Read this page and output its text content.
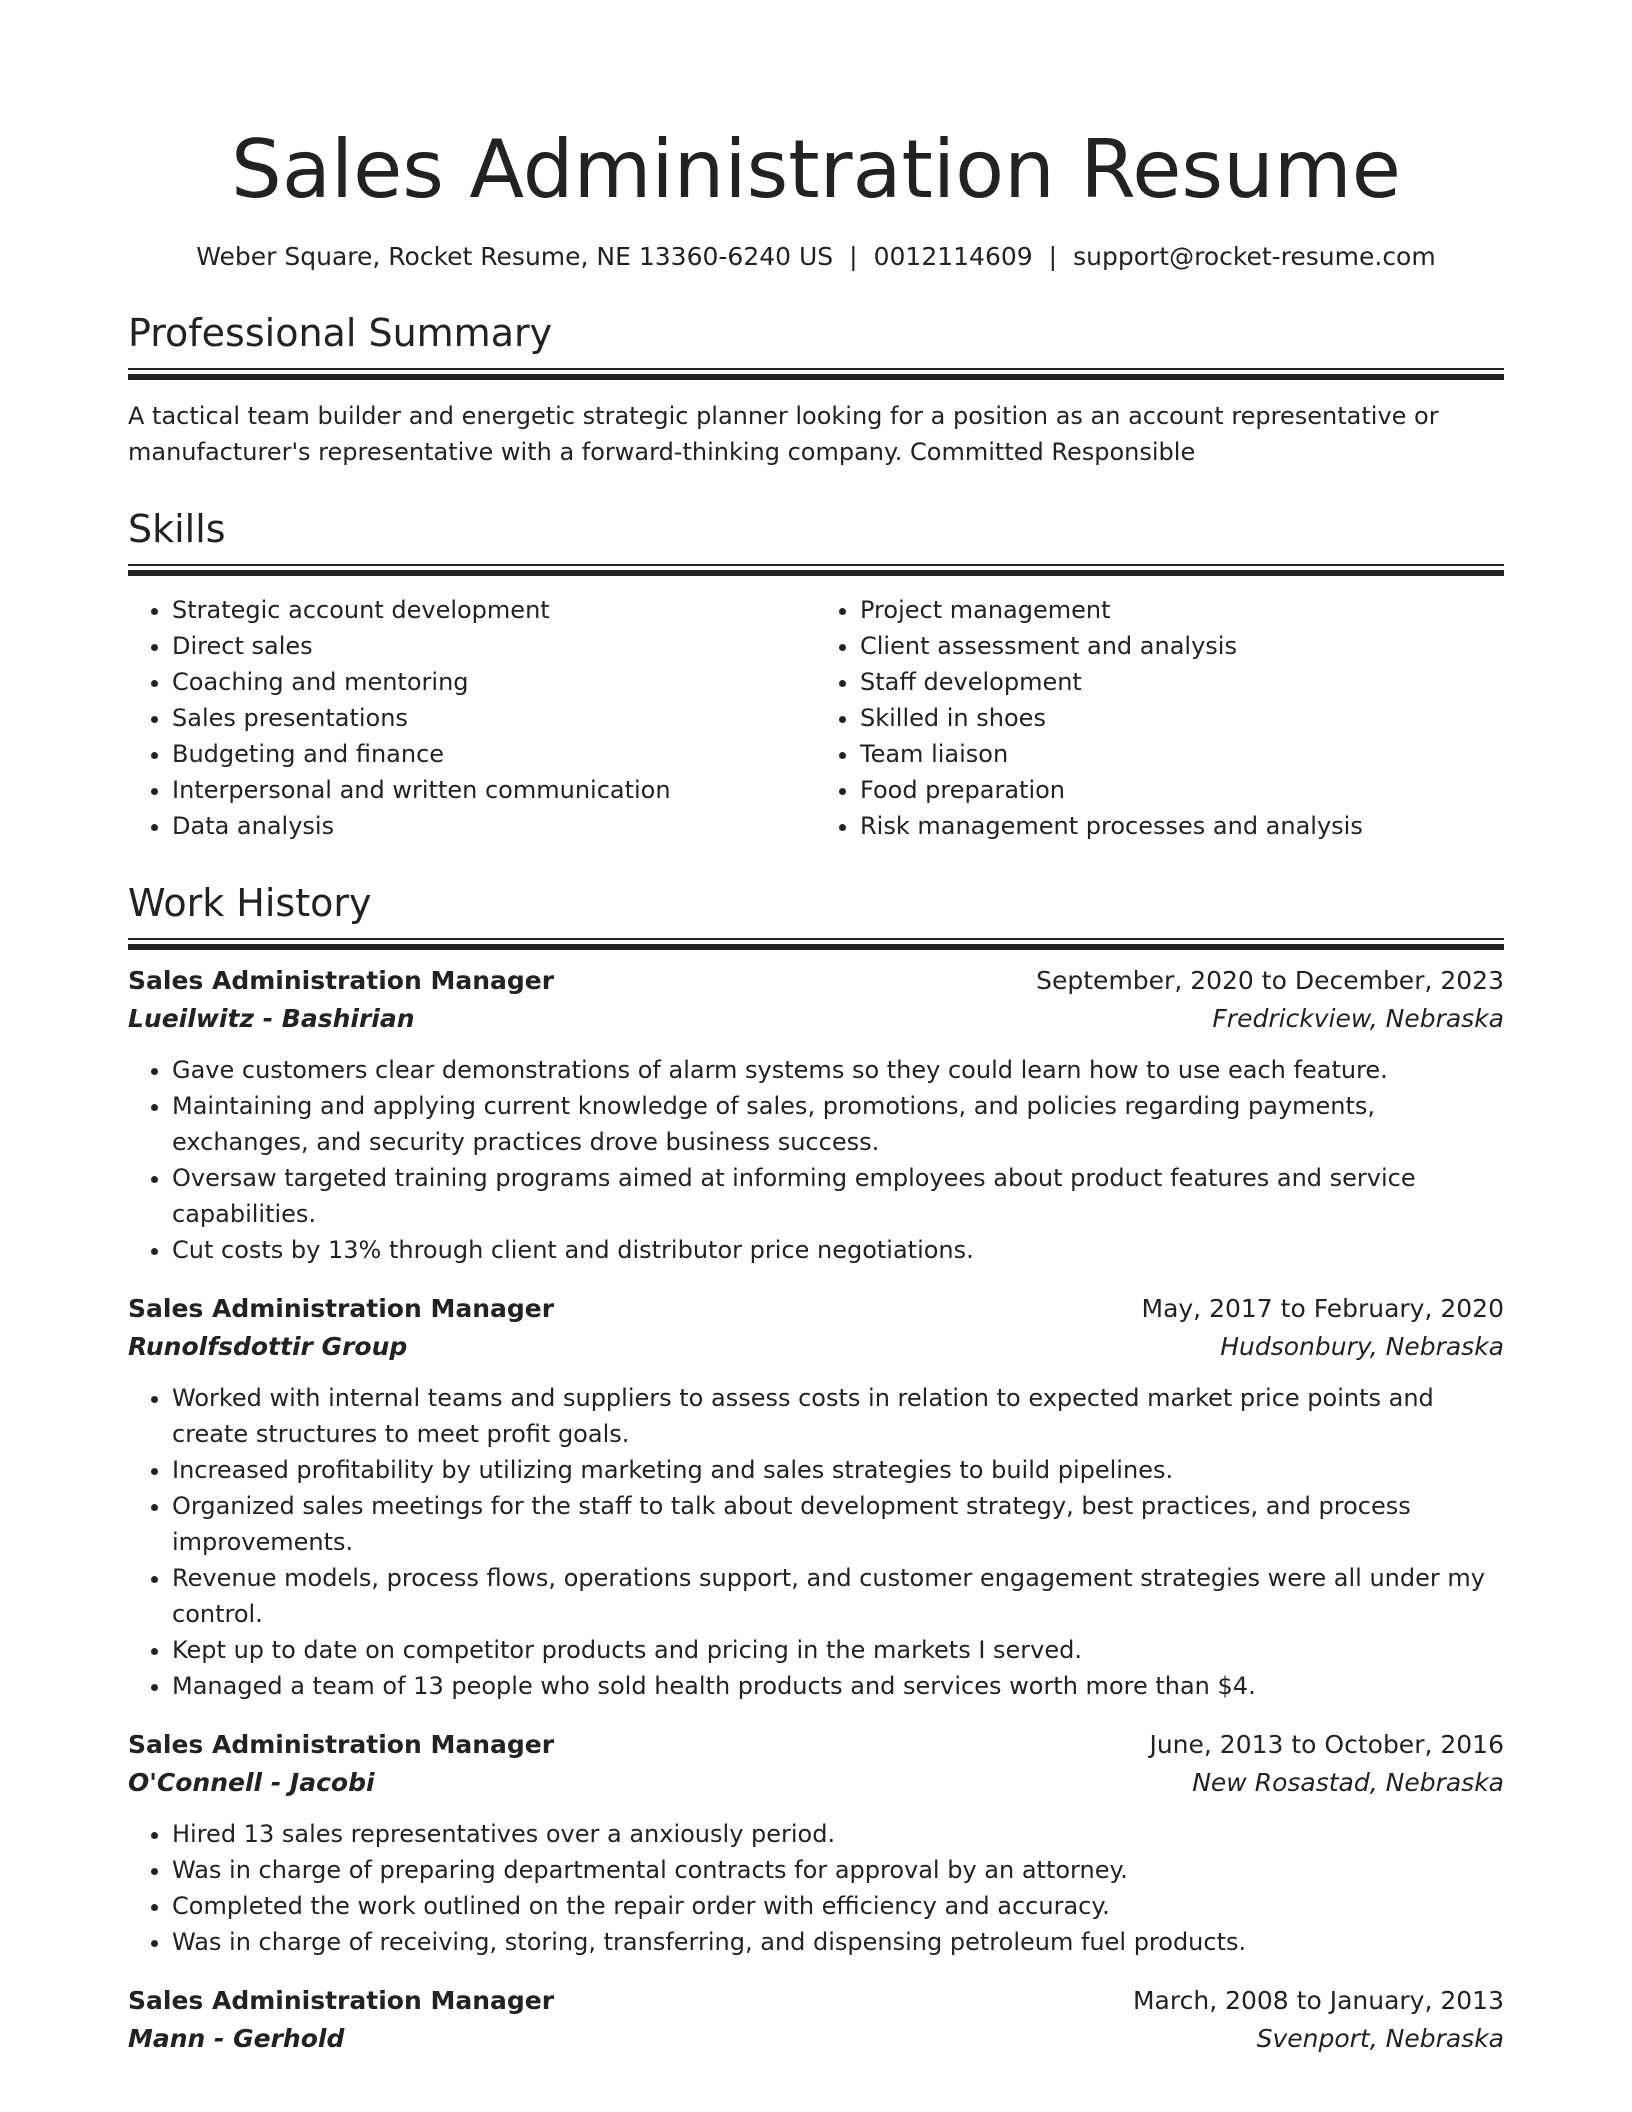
Sales Administration Resume
Weber Square, Rocket Resume, NE 13360-6240 US | 0012114609 | support@rocket-resume.com
Professional Summary
A tactical team builder and energetic strategic planner looking for a position as an account representative or manufacturer's representative with a forward-thinking company. Committed Responsible
Skills
• Strategic account development
• Direct sales
• Coaching and mentoring
• Sales presentations
• Budgeting and finance
• Interpersonal and written communication
• Data analysis
• Project management
• Client assessment and analysis
• Staff development
• Skilled in shoes
• Team liaison
• Food preparation
• Risk management processes and analysis
Work History
Sales Administration Manager	September, 2020 to December, 2023
Lueilwitz - Bashirian	Fredrickview, Nebraska
• Gave customers clear demonstrations of alarm systems so they could learn how to use each feature.
• Maintaining and applying current knowledge of sales, promotions, and policies regarding payments, exchanges, and security practices drove business success.
• Oversaw targeted training programs aimed at informing employees about product features and service capabilities.
• Cut costs by 13% through client and distributor price negotiations.
Sales Administration Manager	May, 2017 to February, 2020
Runolfsdottir Group	Hudsonbury, Nebraska
• Worked with internal teams and suppliers to assess costs in relation to expected market price points and create structures to meet profit goals.
• Increased profitability by utilizing marketing and sales strategies to build pipelines.
• Organized sales meetings for the staff to talk about development strategy, best practices, and process improvements.
• Revenue models, process flows, operations support, and customer engagement strategies were all under my control.
• Kept up to date on competitor products and pricing in the markets I served.
• Managed a team of 13 people who sold health products and services worth more than $4.
Sales Administration Manager	June, 2013 to October, 2016
O'Connell - Jacobi	New Rosastad, Nebraska
• Hired 13 sales representatives over a anxiously period.
• Was in charge of preparing departmental contracts for approval by an attorney.
• Completed the work outlined on the repair order with efficiency and accuracy.
• Was in charge of receiving, storing, transferring, and dispensing petroleum fuel products.
Sales Administration Manager	March, 2008 to January, 2013
Mann - Gerhold	Svenport, Nebraska
